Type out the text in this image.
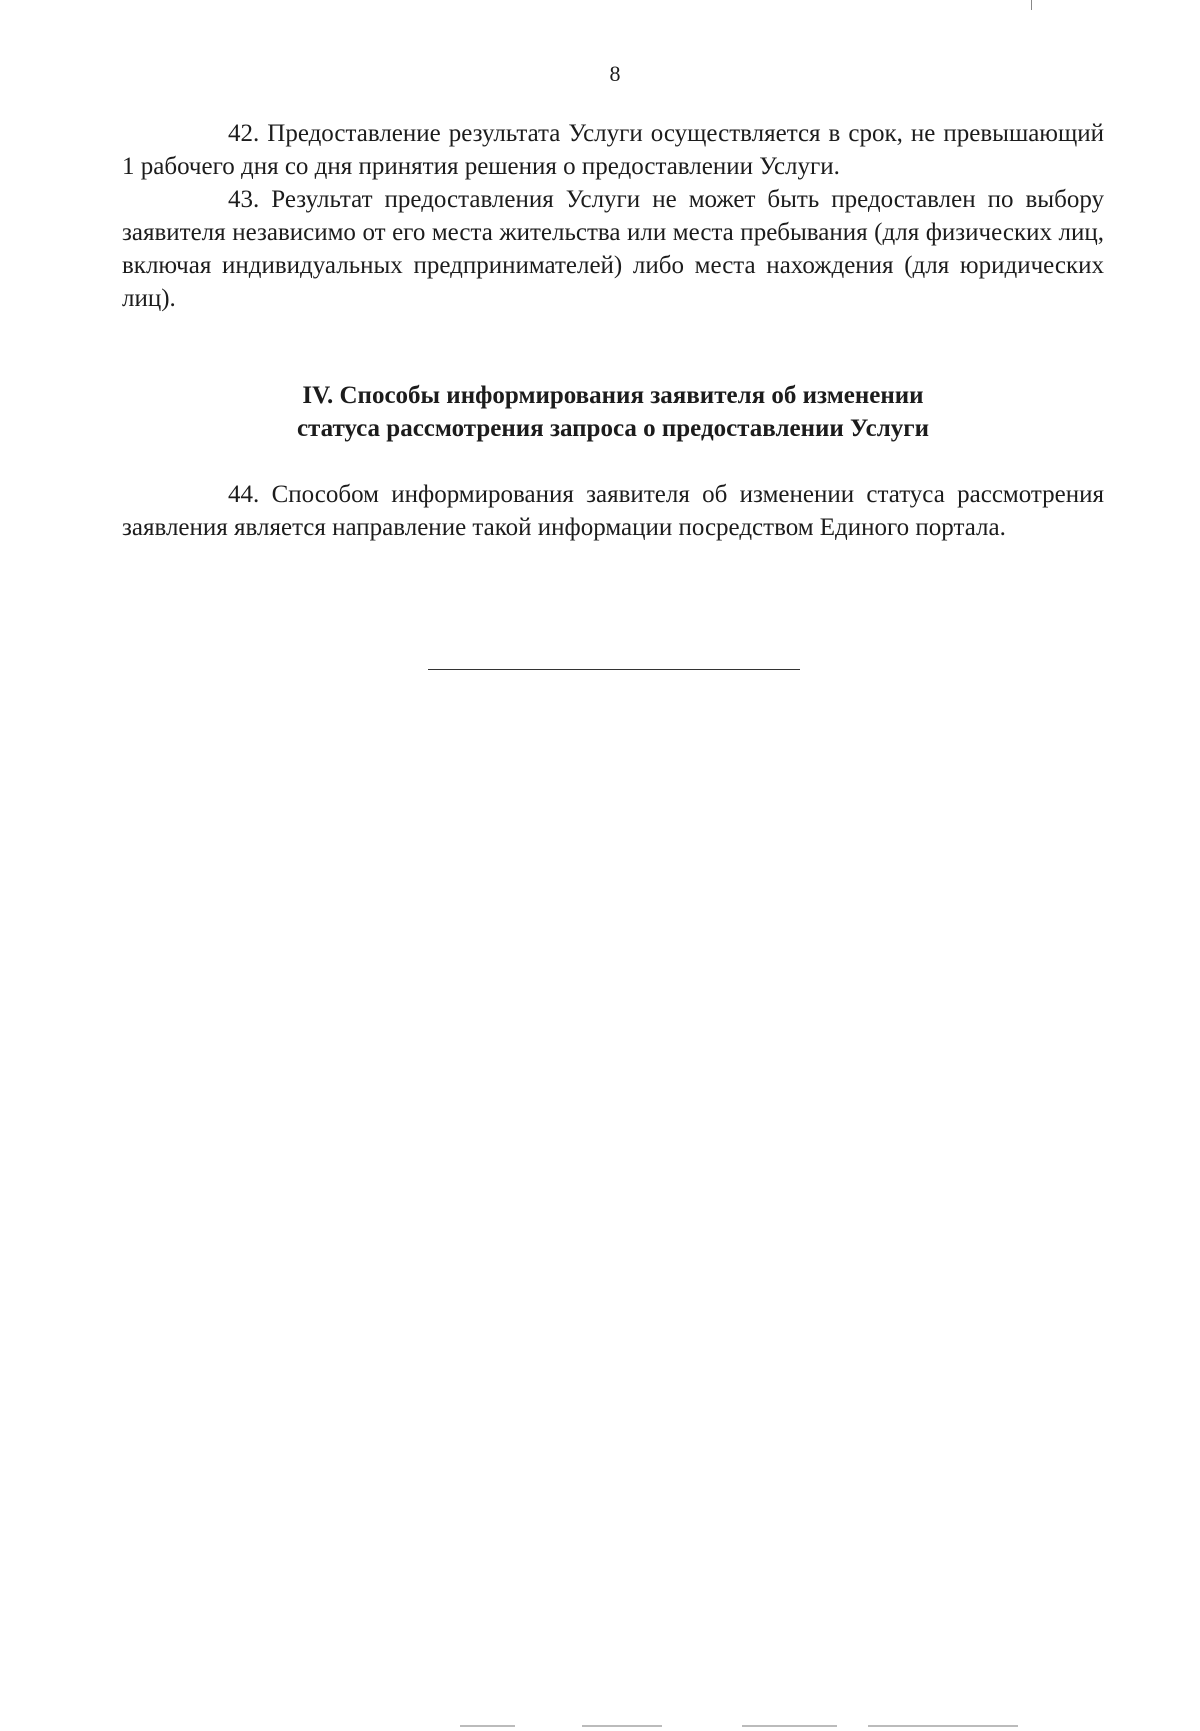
8

42. Предоставление результата Услуги осуществляется в срок, не превышающий 1 рабочего дня со дня принятия решения о предоставлении Услуги.

43. Результат предоставления Услуги не может быть предоставлен по выбору заявителя независимо от его места жительства или места пребывания (для физических лиц, включая индивидуальных предпринимателей) либо места нахождения (для юридических лиц).

IV. Способы информирования заявителя об изменении
статуса рассмотрения запроса о предоставлении Услуги

44. Способом информирования заявителя об изменении статуса рассмотрения заявления является направление такой информации посредством Единого портала.
